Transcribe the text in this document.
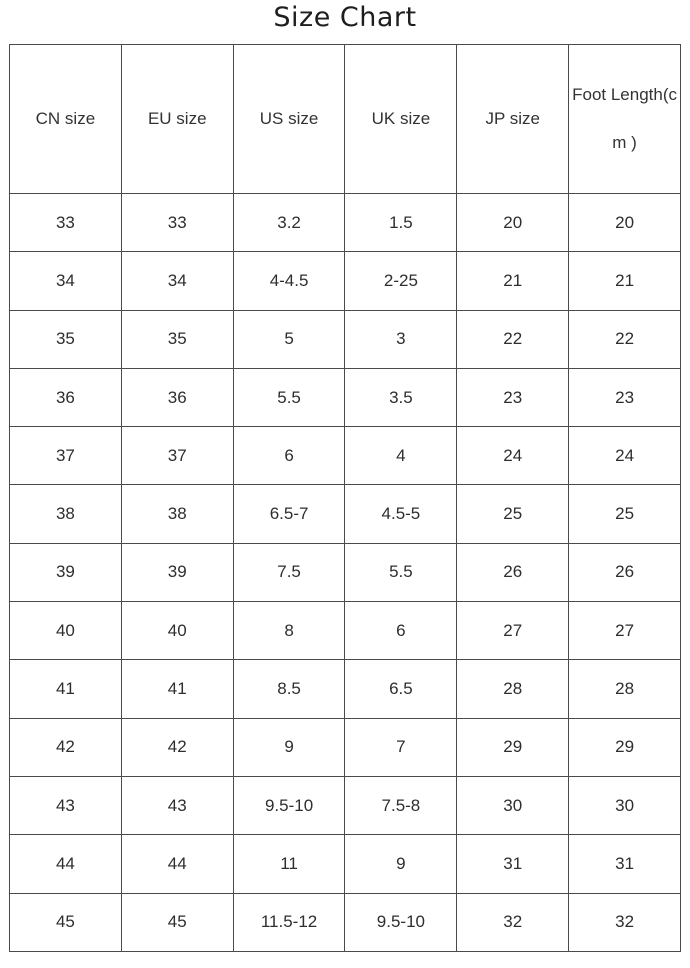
Size Chart
CN size	EU size	US size	UK size	JP size	Foot Length(cm )
33	33	3.2	1.5	20	20
34	34	4-4.5	2-25	21	21
35	35	5	3	22	22
36	36	5.5	3.5	23	23
37	37	6	4	24	24
38	38	6.5-7	4.5-5	25	25
39	39	7.5	5.5	26	26
40	40	8	6	27	27
41	41	8.5	6.5	28	28
42	42	9	7	29	29
43	43	9.5-10	7.5-8	30	30
44	44	11	9	31	31
45	45	11.5-12	9.5-10	32	32
